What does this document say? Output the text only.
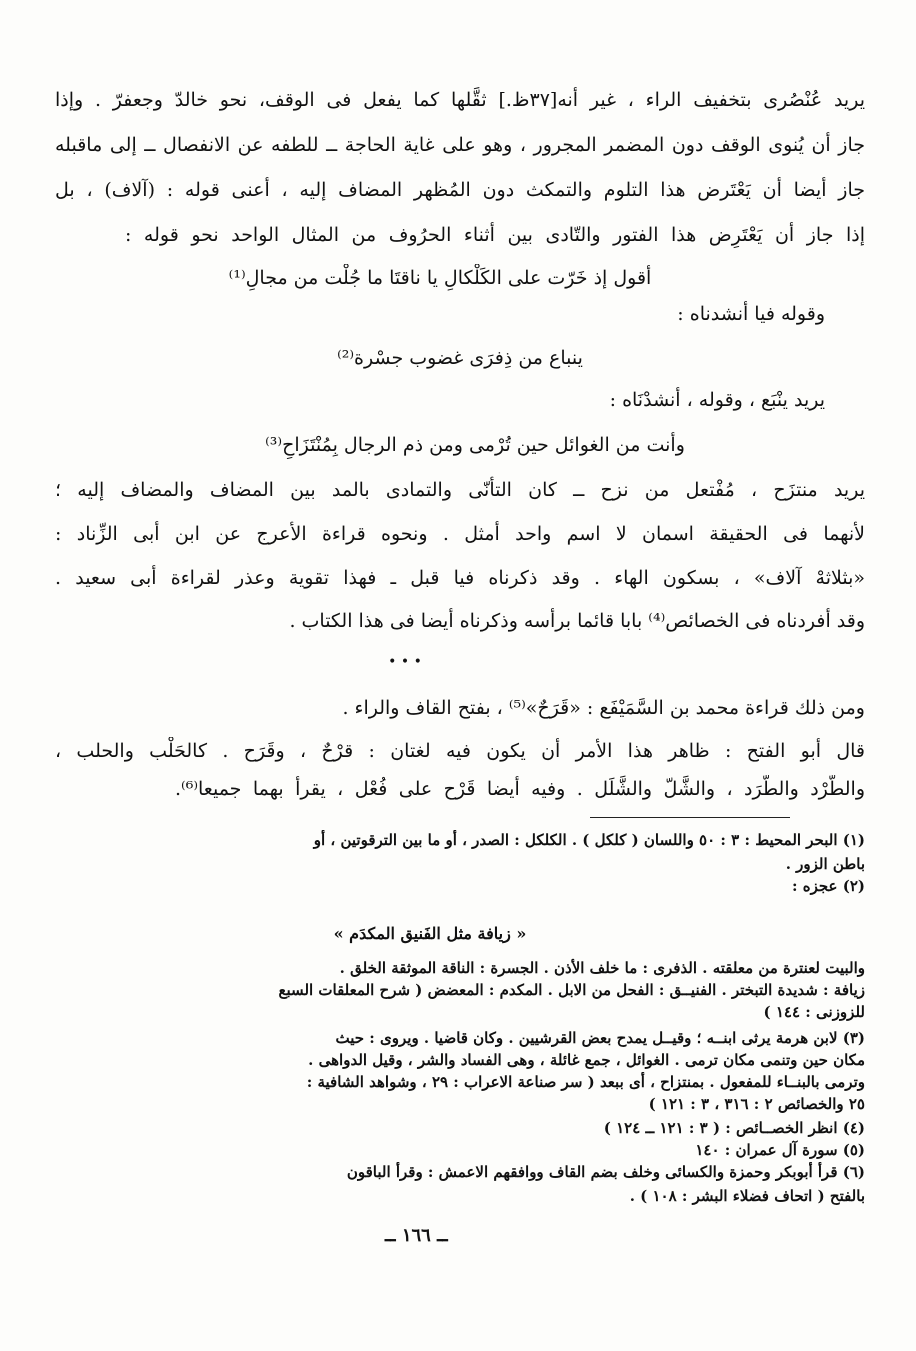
يريد عُنْصُرى بتخفيف الراء ، غير أنه[٣٧ظ.] ثقَّلها كما يفعل فى الوقف، نحو خالدّ وجعفرّ . وإذا
جاز أن يُنوى الوقف دون المضمر المجرور ، وهو على غاية الحاجة ــ للطفه عن الانفصال ــ إلى ماقبله
جاز أيضا أن يَعْتَرض هذا التلوم والتمكث دون المُظهر المضاف إليه ، أعنى قوله : (آلاف) ، بل
إذا جاز أن يَعْتَرِض هذا الفتور والتّادى بين أثناء الحرُوف من المثال الواحد نحو قوله :
أقول إذ خَرّت على الكَلْكالِ يا ناقتَا ما جُلْت من مجالِ⁽¹⁾
وقوله فيا أنشدناه :
ينباع من ذِفرَى غضوب جسْرة⁽²⁾
يريد ينْبَع ، وقوله ، أنشدْنَاه :
وأنت من الغوائل حين تُرْمى ومن ذم الرجال بِمُنْتَزَاحِ⁽³⁾
يريد منتزَح ، مُفْتعل من نزح ــ كان التأنّى والتمادى بالمد بين المضاف والمضاف إليه ؛
لأنهما فى الحقيقة اسمان لا اسم واحد أمثل . ونحوه قراءة الأعرج عن ابن أبى الزِّناد :
«بثلاثهْ آلاف» ، بسكون الهاء . وقد ذكرناه فيا قبل ـ فهذا تقوية وعذر لقراءة أبى سعيد .
وقد أفردناه فى الخصائص⁽⁴⁾ بابا قائما برأسه وذكرناه أيضا فى هذا الكتاب .
• • •
ومن ذلك قراءة محمد بن السَّمَيْفَع : «قَرَحٌ»⁽⁵⁾ ، بفتح القاف والراء .
قال أبو الفتح : ظاهر هذا الأمر أن يكون فيه لغتان : قرْحٌ ، وقَرَح . كالحَلْب والحلب ،
والطَّرْد والطَّرَد ، والشَّلّ والشَّلَل . وفيه أيضا قَرْح على فُعْل ، يقرأ بهما جميعا⁽⁶⁾.
(١) البحر المحيط : ٣ : ٥٠ واللسان ( كلكل ) . الكلكل : الصدر ، أو ما بين الترقوتين ، أو
باطن الزور .
(٢) عجزه :
« زيافة مثل الفَنيق المكدَم »
والبيت لعنترة من معلقته . الذفرى : ما خلف الأذن . الجسرة : الناقة الموثقة الخلق .
زيافة : شديدة التبختر . الفنيــق : الفحل من الابل . المكدم : المعضض ( شرح المعلقات السبع
للزوزنى : ١٤٤ )
(٣) لابن هرمة يرثى ابنــه ؛ وقيــل يمدح بعض القرشيين . وكان قاضيا . ويروى : حيث
مكان حين وتنمى مكان ترمى . الغوائل ، جمع غائلة ، وهى الفساد والشر ، وقيل الدواهى .
وترمى بالبنــاء للمفعول . بمنتزاح ، أى ببعد ( سر صناعة الاعراب : ٢٩ ، وشواهد الشافية :
٢٥ والخصائص ٢ : ٣١٦ ، ٣ : ١٢١ )
(٤) انظر الخصــائص : ( ٣ : ١٢١ ــ ١٢٤ )
(٥) سورة آل عمران : ١٤٠
(٦) قرأ أبوبكر وحمزة والكسائى وخلف بضم القاف ووافقهم الاعمش : وقرأ الباقون
بالفتح ( اتحاف فضلاء البشر : ١٠٨ ) .
ــ ١٦٦ ــ
